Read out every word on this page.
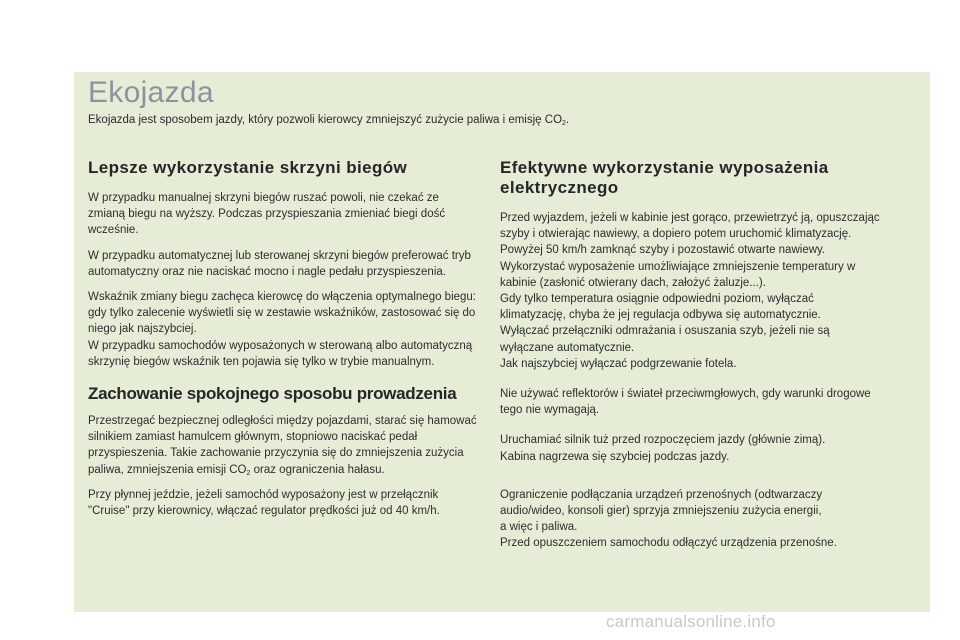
Ekojazda
Ekojazda jest sposobem jazdy, który pozwoli kierowcy zmniejszyć zużycie paliwa i emisję $CO_2$.
Lepsze wykorzystanie skrzyni biegów

W przypadku manualnej skrzyni biegów ruszać powoli, nie czekać ze zmianą biegu na wyższy. Podczas przyspieszania zmieniać biegi dość wcześnie.

W przypadku automatycznej lub sterowanej skrzyni biegów preferować tryb automatyczny oraz nie naciskać mocno i nagle pedału przyspieszenia.

Wskaźnik zmiany biegu zachęca kierowcę do włączenia optymalnego biegu: gdy tylko zalecenie wyświetli się w zestawie wskaźników, zastosować się do niego jak najszybciej.
W przypadku samochodów wyposażonych w sterowaną albo automatyczną skrzynię biegów wskaźnik ten pojawia się tylko w trybie manualnym.

Zachowanie spokojnego sposobu prowadzenia

Przestrzegać bezpiecznej odległości między pojazdami, starać się hamować silnikiem zamiast hamulcem głównym, stopniowo naciskać pedał przyspieszenia. Takie zachowanie przyczynia się do zmniejszenia zużycia paliwa, zmniejszenia emisji $CO_2$ oraz ograniczenia hałasu.

Przy płynnej jeździe, jeżeli samochód wyposażony jest w przełącznik "Cruise" przy kierownicy, włączać regulator prędkości już od 40 km/h.

Efektywne wykorzystanie wyposażenia elektrycznego

Przed wyjazdem, jeżeli w kabinie jest gorąco, przewietrzyć ją, opuszczając szyby i otwierając nawiewy, a dopiero potem uruchomić klimatyzację.
Powyżej 50 km/h zamknąć szyby i pozostawić otwarte nawiewy.
Wykorzystać wyposażenie umożliwiające zmniejszenie temperatury w kabinie (zasłonić otwierany dach, założyć żaluzje...).
Gdy tylko temperatura osiągnie odpowiedni poziom, wyłączać klimatyzację, chyba że jej regulacja odbywa się automatycznie.
Wyłączać przełączniki odmrażania i osuszania szyb, jeżeli nie są wyłączane automatycznie.
Jak najszybciej wyłączać podgrzewanie fotela.

Nie używać reflektorów i świateł przeciwmgłowych, gdy warunki drogowe tego nie wymagają.

Uruchamiać silnik tuż przed rozpoczęciem jazdy (głównie zimą).
Kabina nagrzewa się szybciej podczas jazdy.

Ograniczenie podłączania urządzeń przenośnych (odtwarzaczy audio/wideo, konsoli gier) sprzyja zmniejszeniu zużycia energii,
a więc i paliwa.
Przed opuszczeniem samochodu odłączyć urządzenia przenośne.

carmanualsonline.info
